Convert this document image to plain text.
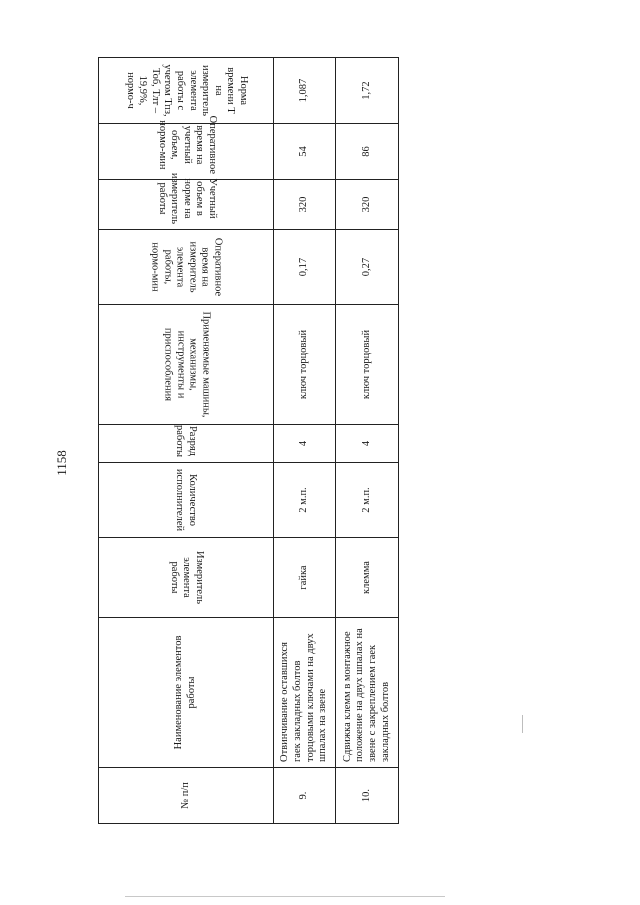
1158
№ п/п	Наименование элементов работы	Измеритель элемента работы	Количество исполнителей	Разряд работы	Применяемые машины, механизмы, инструменты и приспособления	Оперативное время на измеритель элемента работы, нормо-мин	Учетный объем в норме на измеритель работы	Оперативное время на учетный объем, нормо-мин	Норма времени Т на измеритель элемента работы с учетом Тпз, Тоб, Тлт – 19,9%, нормо-ч
9.	Отвинчивание оставшихся гаек закладных болтов торцовыми ключами на двух шпалах на звене	гайка	2 м.п.	4	ключ торцовый	0,17	320	54	1,087
10.	Сдвижка клемм в монтажное положение на двух шпалах на звене с закреплением гаек закладных болтов	клемма	2 м.п.	4	ключ торцовый	0,27	320	86	1,72
